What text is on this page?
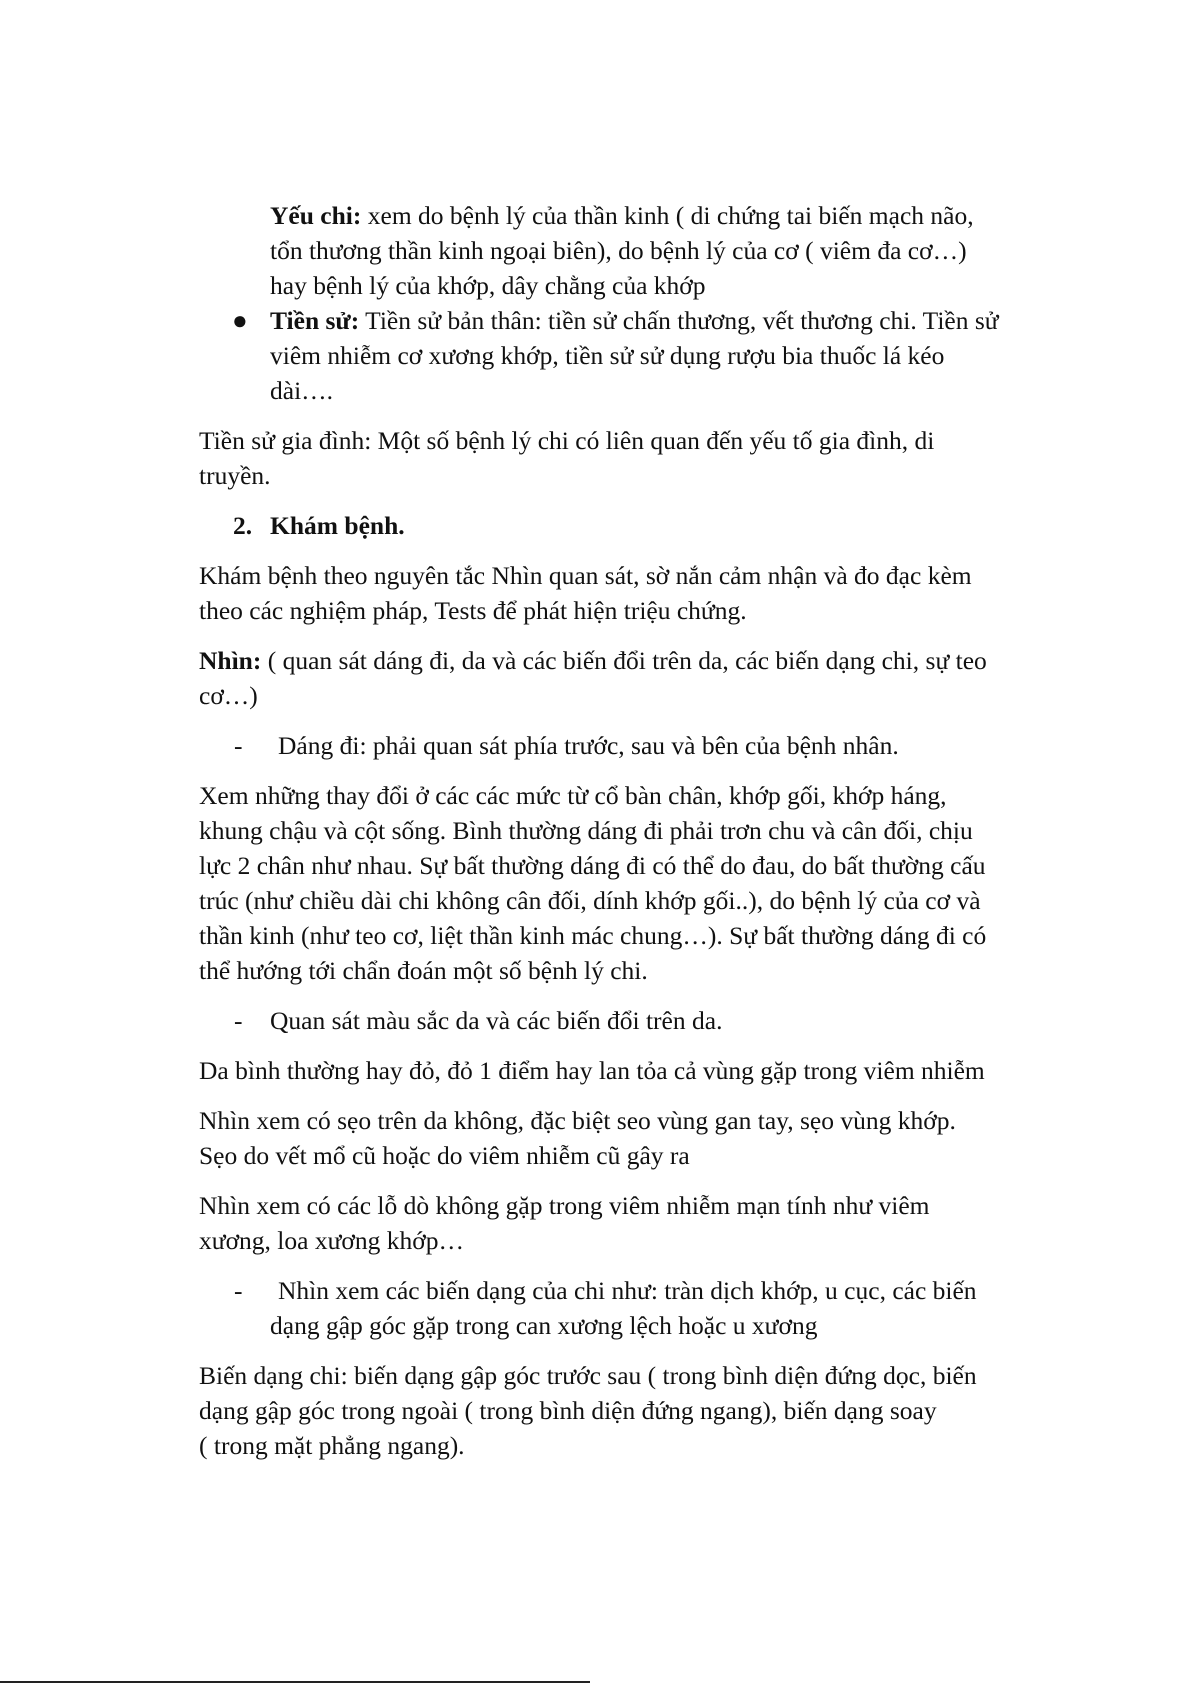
Yếu chi: xem do bệnh lý của thần kinh ( di chứng tai biến mạch não,
tổn thương thần kinh ngoại biên), do bệnh lý của cơ ( viêm đa cơ…)
hay bệnh lý của khớp, dây chằng của khớp
● Tiền sử: Tiền sử bản thân: tiền sử chấn thương, vết thương chi. Tiền sử
viêm nhiễm cơ xương khớp, tiền sử sử dụng rượu bia thuốc lá kéo
dài….
Tiền sử gia đình: Một số bệnh lý chi có liên quan đến yếu tố gia đình, di
truyền.
2. Khám bệnh.
Khám bệnh theo nguyên tắc Nhìn quan sát, sờ nắn cảm nhận và đo đạc kèm
theo các nghiệm pháp, Tests để phát hiện triệu chứng.
Nhìn: ( quan sát dáng đi, da và các biến đổi trên da, các biến dạng chi, sự teo
cơ…)
- Dáng đi: phải quan sát phía trước, sau và bên của bệnh nhân.
Xem những thay đổi ở các các mức từ cổ bàn chân, khớp gối, khớp háng,
khung chậu và cột sống. Bình thường dáng đi phải trơn chu và cân đối, chịu
lực 2 chân như nhau. Sự bất thường dáng đi có thể do đau, do bất thường cấu
trúc (như chiều dài chi không cân đối, dính khớp gối..), do bệnh lý của cơ và
thần kinh (như teo cơ, liệt thần kinh mác chung…). Sự bất thường dáng đi có
thể hướng tới chẩn đoán một số bệnh lý chi.
- Quan sát màu sắc da và các biến đổi trên da.
Da bình thường hay đỏ, đỏ 1 điểm hay lan tỏa cả vùng gặp trong viêm nhiễm
Nhìn xem có sẹo trên da không, đặc biệt seo vùng gan tay, sẹo vùng khớp.
Sẹo do vết mổ cũ hoặc do viêm nhiễm cũ gây ra
Nhìn xem có các lỗ dò không gặp trong viêm nhiễm mạn tính như viêm
xương, loa xương khớp…
- Nhìn xem các biến dạng của chi như: tràn dịch khớp, u cục, các biến
dạng gập góc gặp trong can xương lệch hoặc u xương
Biến dạng chi: biến dạng gập góc trước sau ( trong bình diện đứng dọc, biến
dạng gập góc trong ngoài ( trong bình diện đứng ngang), biến dạng soay
( trong mặt phẳng ngang).
